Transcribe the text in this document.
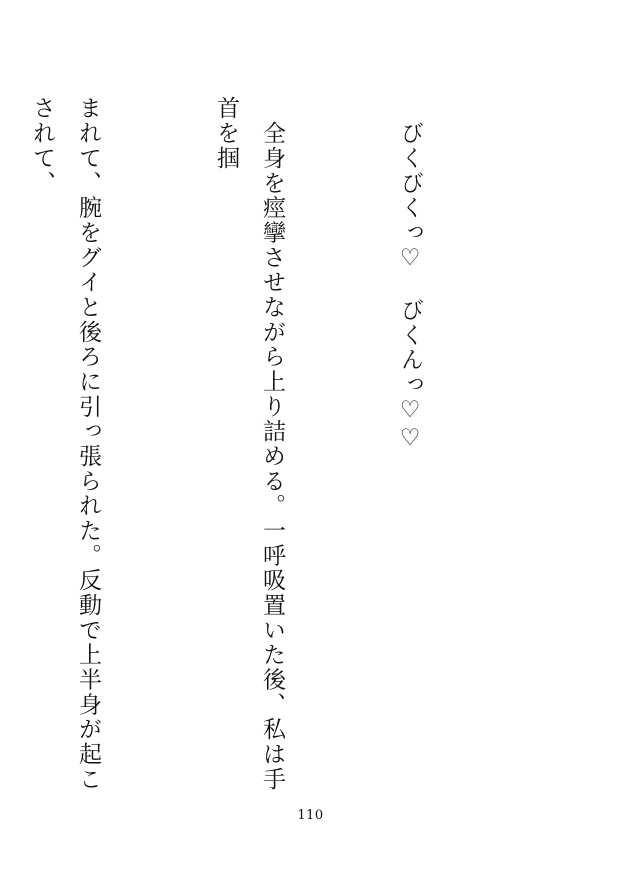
　びくびくっ♡　びくんっ♡♡

　全身を痙攣させながら上り詰める。一呼吸置いた後、私は手首を掴

まれて、腕をグイと後ろに引っ張られた。反動で上半身が起こされて、

110
